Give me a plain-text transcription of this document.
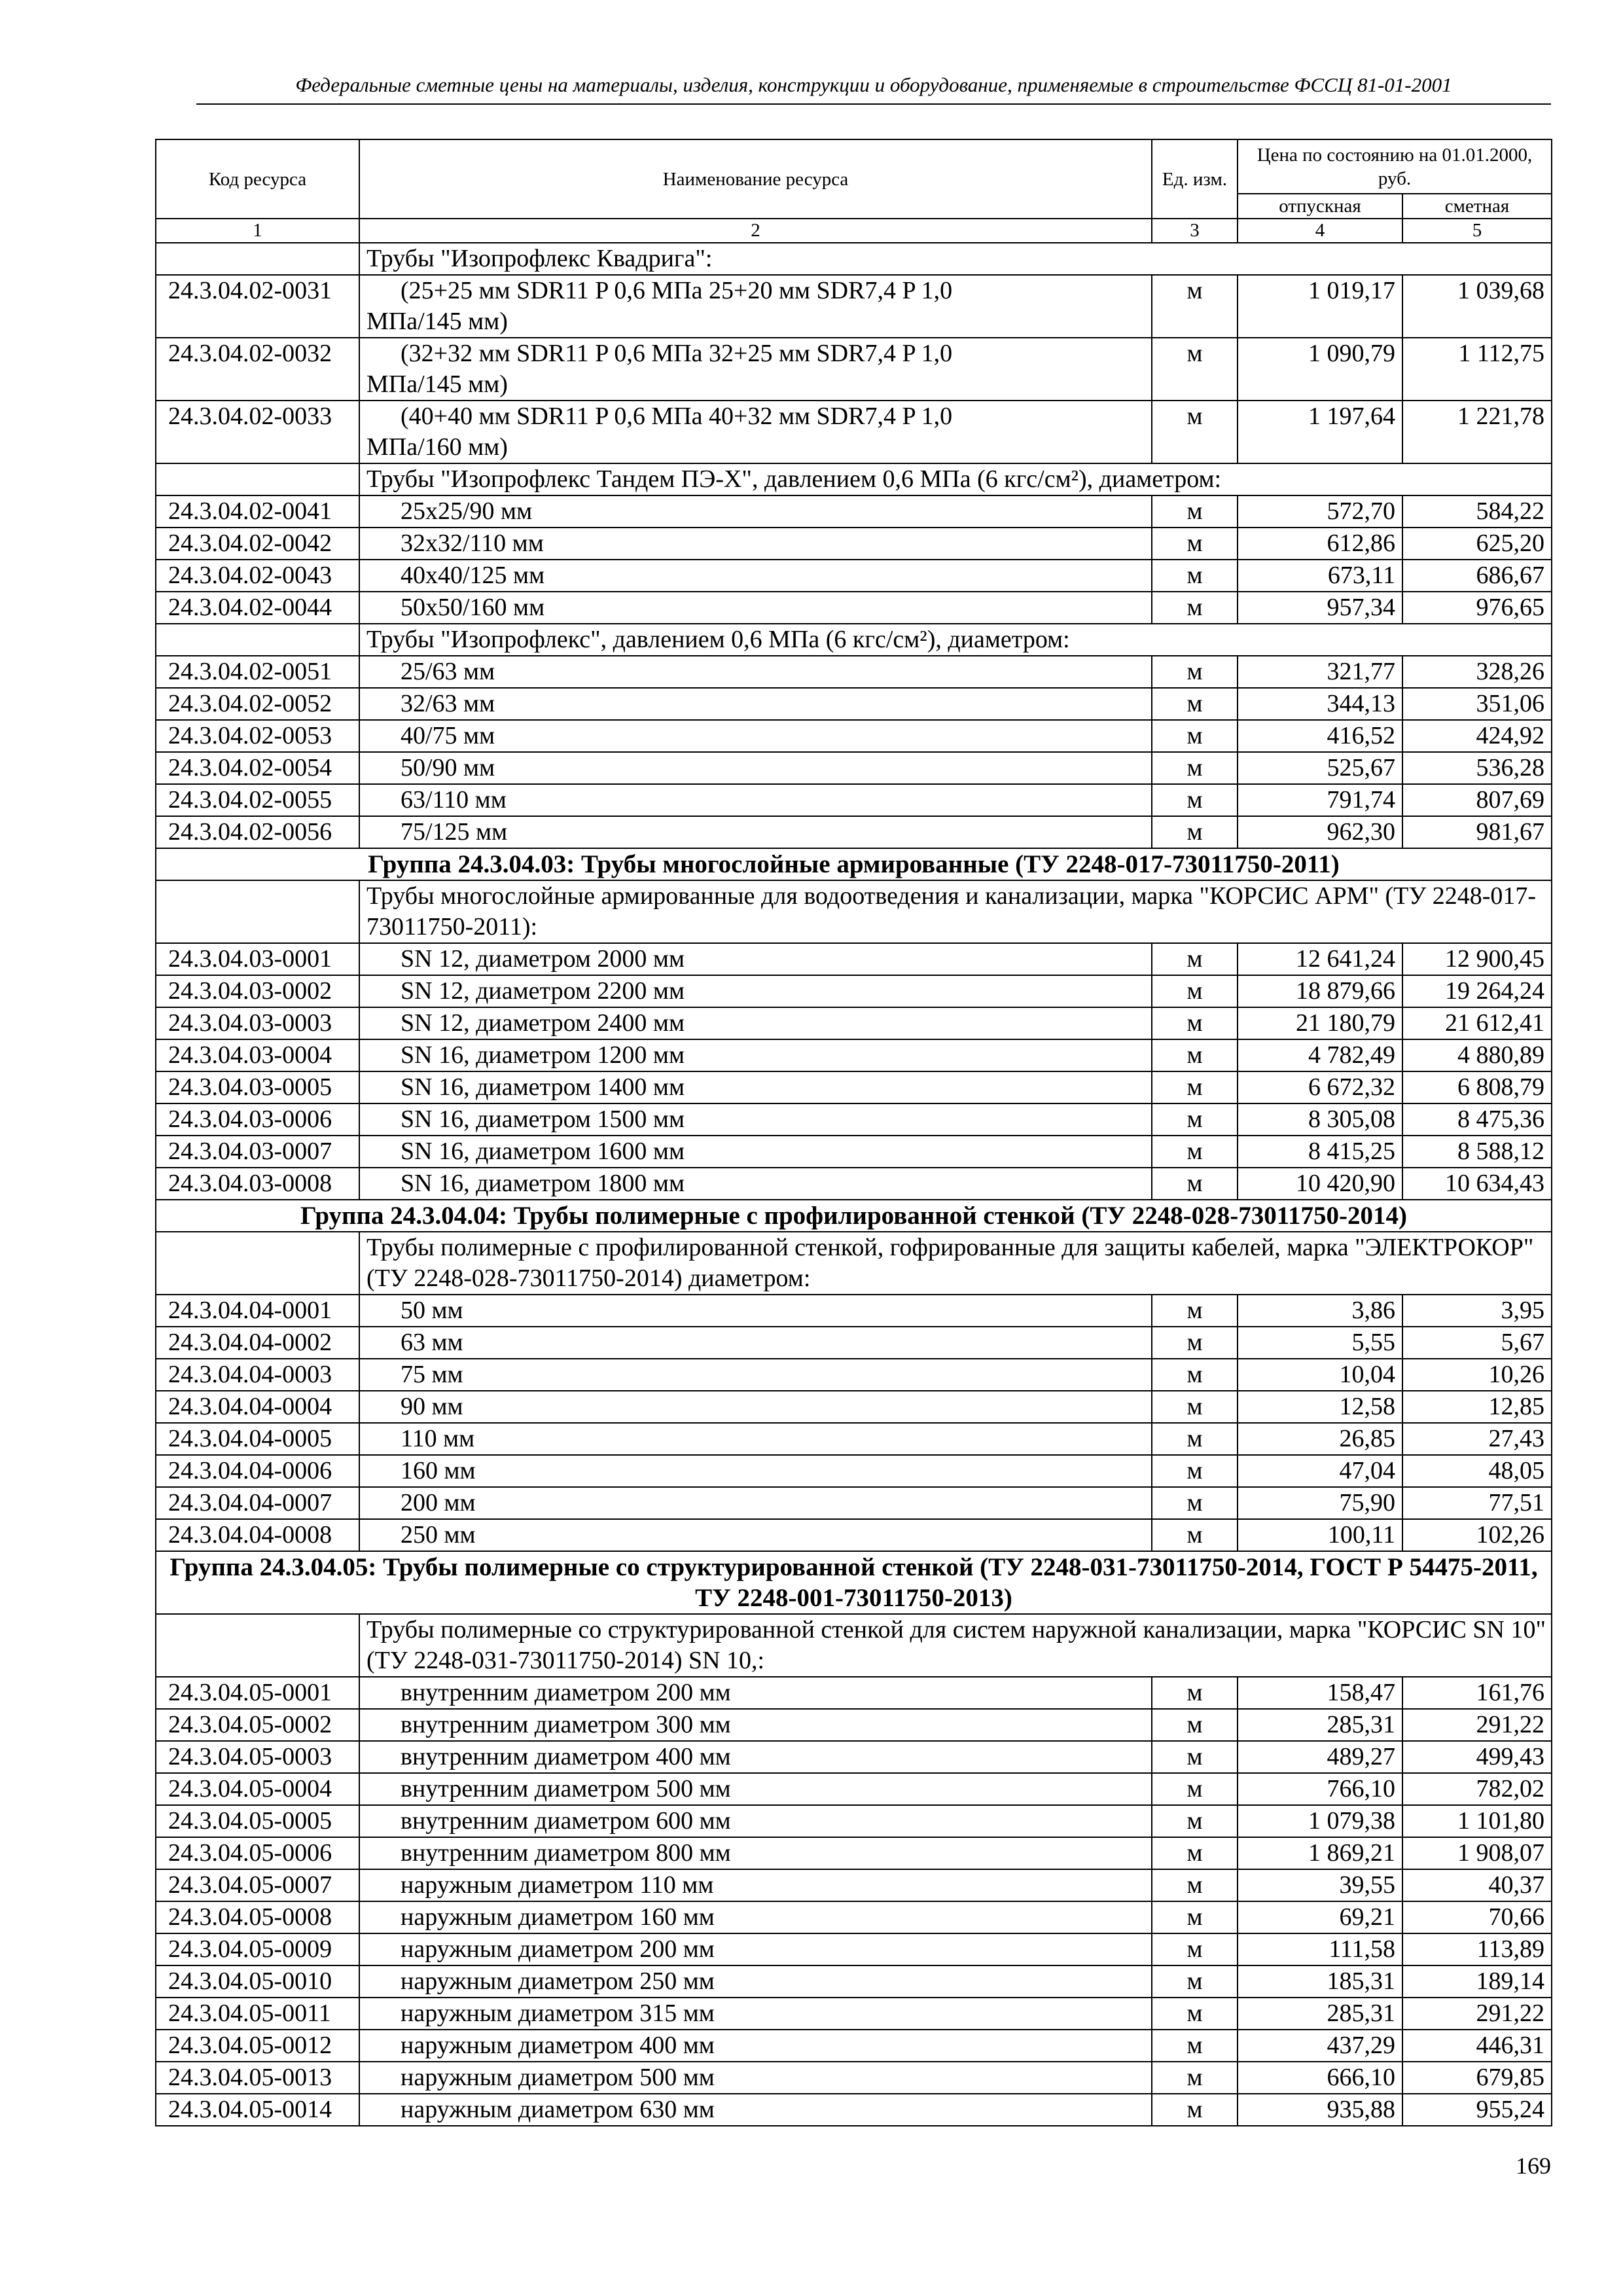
Федеральные сметные цены на материалы, изделия, конструкции и оборудование, применяемые в строительстве ФССЦ 81-01-2001
Код ресурса	Наименование ресурса	Ед. изм.	Цена по состоянию на 01.01.2000, руб.	
			отпускная	сметная
1	2	3	4	5
	Трубы "Изопрофлекс Квадрига":			
24.3.04.02-0031	(25+25 мм SDR11 P 0,6 МПа 25+20 мм SDR7,4 P 1,0 МПа/145 мм)	м	1 019,17	1 039,68
24.3.04.02-0032	(32+32 мм SDR11 P 0,6 МПа 32+25 мм SDR7,4 P 1,0 МПа/145 мм)	м	1 090,79	1 112,75
24.3.04.02-0033	(40+40 мм SDR11 P 0,6 МПа 40+32 мм SDR7,4 P 1,0 МПа/160 мм)	м	1 197,64	1 221,78
	Трубы "Изопрофлекс Тандем ПЭ-Х", давлением 0,6 МПа (6 кгс/см²), диаметром:			
24.3.04.02-0041	25x25/90 мм	м	572,70	584,22
24.3.04.02-0042	32x32/110 мм	м	612,86	625,20
24.3.04.02-0043	40x40/125 мм	м	673,11	686,67
24.3.04.02-0044	50x50/160 мм	м	957,34	976,65
	Трубы "Изопрофлекс", давлением 0,6 МПа (6 кгс/см²), диаметром:			
24.3.04.02-0051	25/63 мм	м	321,77	328,26
24.3.04.02-0052	32/63 мм	м	344,13	351,06
24.3.04.02-0053	40/75 мм	м	416,52	424,92
24.3.04.02-0054	50/90 мм	м	525,67	536,28
24.3.04.02-0055	63/110 мм	м	791,74	807,69
24.3.04.02-0056	75/125 мм	м	962,30	981,67
Группа 24.3.04.03: Трубы многослойные армированные (ТУ 2248-017-73011750-2011)				
	Трубы многослойные армированные для водоотведения и канализации, марка "КОРСИС АРМ" (ТУ 2248-017-73011750-2011):			
24.3.04.03-0001	SN 12, диаметром 2000 мм	м	12 641,24	12 900,45
24.3.04.03-0002	SN 12, диаметром 2200 мм	м	18 879,66	19 264,24
24.3.04.03-0003	SN 12, диаметром 2400 мм	м	21 180,79	21 612,41
24.3.04.03-0004	SN 16, диаметром 1200 мм	м	4 782,49	4 880,89
24.3.04.03-0005	SN 16, диаметром 1400 мм	м	6 672,32	6 808,79
24.3.04.03-0006	SN 16, диаметром 1500 мм	м	8 305,08	8 475,36
24.3.04.03-0007	SN 16, диаметром 1600 мм	м	8 415,25	8 588,12
24.3.04.03-0008	SN 16, диаметром 1800 мм	м	10 420,90	10 634,43
Группа 24.3.04.04: Трубы полимерные с профилированной стенкой (ТУ 2248-028-73011750-2014)				
	Трубы полимерные с профилированной стенкой, гофрированные для защиты кабелей, марка "ЭЛЕКТРОКОР" (ТУ 2248-028-73011750-2014) диаметром:			
24.3.04.04-0001	50 мм	м	3,86	3,95
24.3.04.04-0002	63 мм	м	5,55	5,67
24.3.04.04-0003	75 мм	м	10,04	10,26
24.3.04.04-0004	90 мм	м	12,58	12,85
24.3.04.04-0005	110 мм	м	26,85	27,43
24.3.04.04-0006	160 мм	м	47,04	48,05
24.3.04.04-0007	200 мм	м	75,90	77,51
24.3.04.04-0008	250 мм	м	100,11	102,26
Группа 24.3.04.05: Трубы полимерные со структурированной стенкой (ТУ 2248-031-73011750-2014, ГОСТ Р 54475-2011, ТУ 2248-001-73011750-2013)				
	Трубы полимерные со структурированной стенкой для систем наружной канализации, марка "КОРСИС SN 10" (ТУ 2248-031-73011750-2014) SN 10,:			
24.3.04.05-0001	внутренним диаметром 200 мм	м	158,47	161,76
24.3.04.05-0002	внутренним диаметром 300 мм	м	285,31	291,22
24.3.04.05-0003	внутренним диаметром 400 мм	м	489,27	499,43
24.3.04.05-0004	внутренним диаметром 500 мм	м	766,10	782,02
24.3.04.05-0005	внутренним диаметром 600 мм	м	1 079,38	1 101,80
24.3.04.05-0006	внутренним диаметром 800 мм	м	1 869,21	1 908,07
24.3.04.05-0007	наружным диаметром 110 мм	м	39,55	40,37
24.3.04.05-0008	наружным диаметром 160 мм	м	69,21	70,66
24.3.04.05-0009	наружным диаметром 200 мм	м	111,58	113,89
24.3.04.05-0010	наружным диаметром 250 мм	м	185,31	189,14
24.3.04.05-0011	наружным диаметром 315 мм	м	285,31	291,22
24.3.04.05-0012	наружным диаметром 400 мм	м	437,29	446,31
24.3.04.05-0013	наружным диаметром 500 мм	м	666,10	679,85
24.3.04.05-0014	наружным диаметром 630 мм	м	935,88	955,24
169
